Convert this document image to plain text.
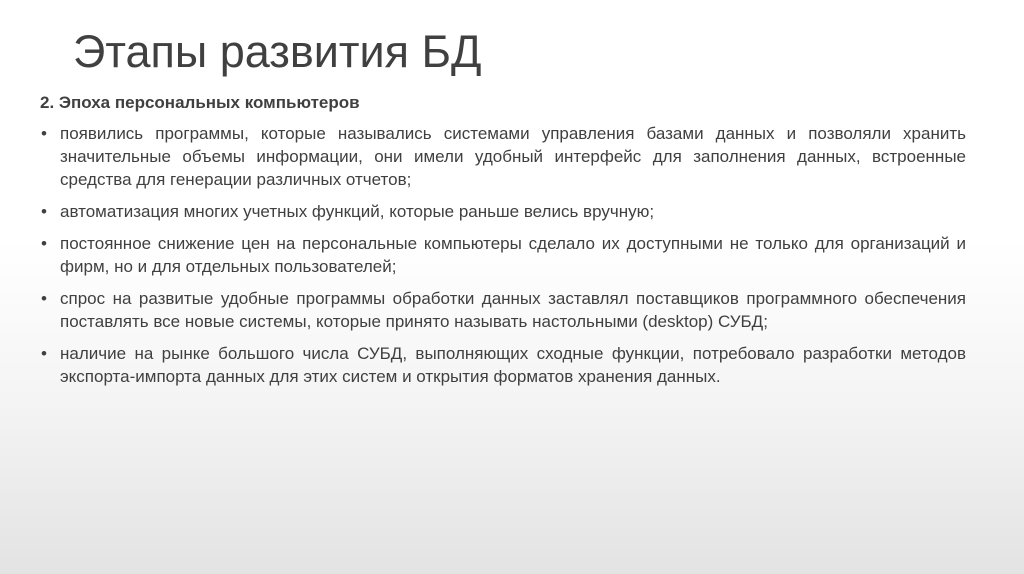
Этапы развития БД
2. Эпоха персональных компьютеров
• появились программы, которые назывались системами управления базами данных и позволяли хранить значительные объемы информации, они имели удобный интерфейс для заполнения данных, встроенные средства для генерации различных отчетов;
• автоматизация многих учетных функций, которые раньше велись вручную;
• постоянное снижение цен на персональные компьютеры сделало их доступными не только для организаций и фирм, но и для отдельных пользователей;
• спрос на развитые удобные программы обработки данных заставлял поставщиков программного обеспечения поставлять все новые системы, которые принято называть настольными (desktop) СУБД;
• наличие на рынке большого числа СУБД, выполняющих сходные функции, потребовало разработки методов экспорта-импорта данных для этих систем и открытия форматов хранения данных.
